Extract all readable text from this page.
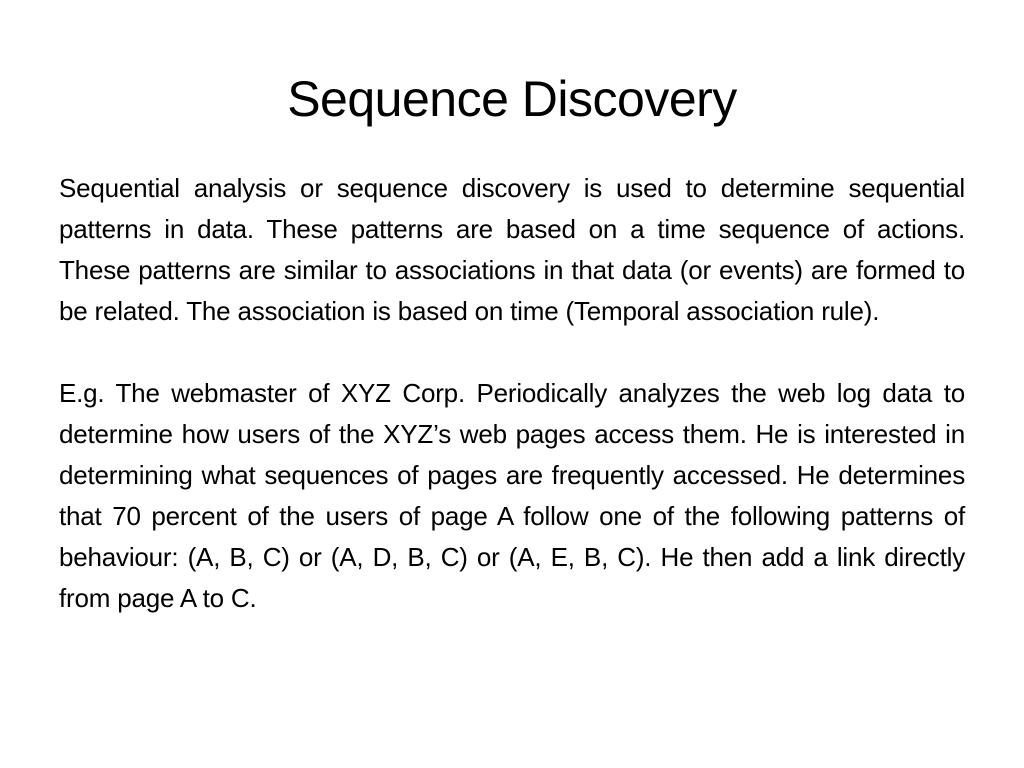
Sequence Discovery

Sequential analysis or sequence discovery is used to determine sequential patterns in data. These patterns are based on a time sequence of actions. These patterns are similar to associations in that data (or events) are formed to be related. The association is based on time (Temporal association rule).

E.g. The webmaster of XYZ Corp. Periodically analyzes the web log data to determine how users of the XYZ’s web pages access them. He is interested in determining what sequences of pages are frequently accessed. He determines that 70 percent of the users of page A follow one of the following patterns of behaviour: (A, B, C) or (A, D, B, C) or (A, E, B, C). He then add a link directly from page A to C.
